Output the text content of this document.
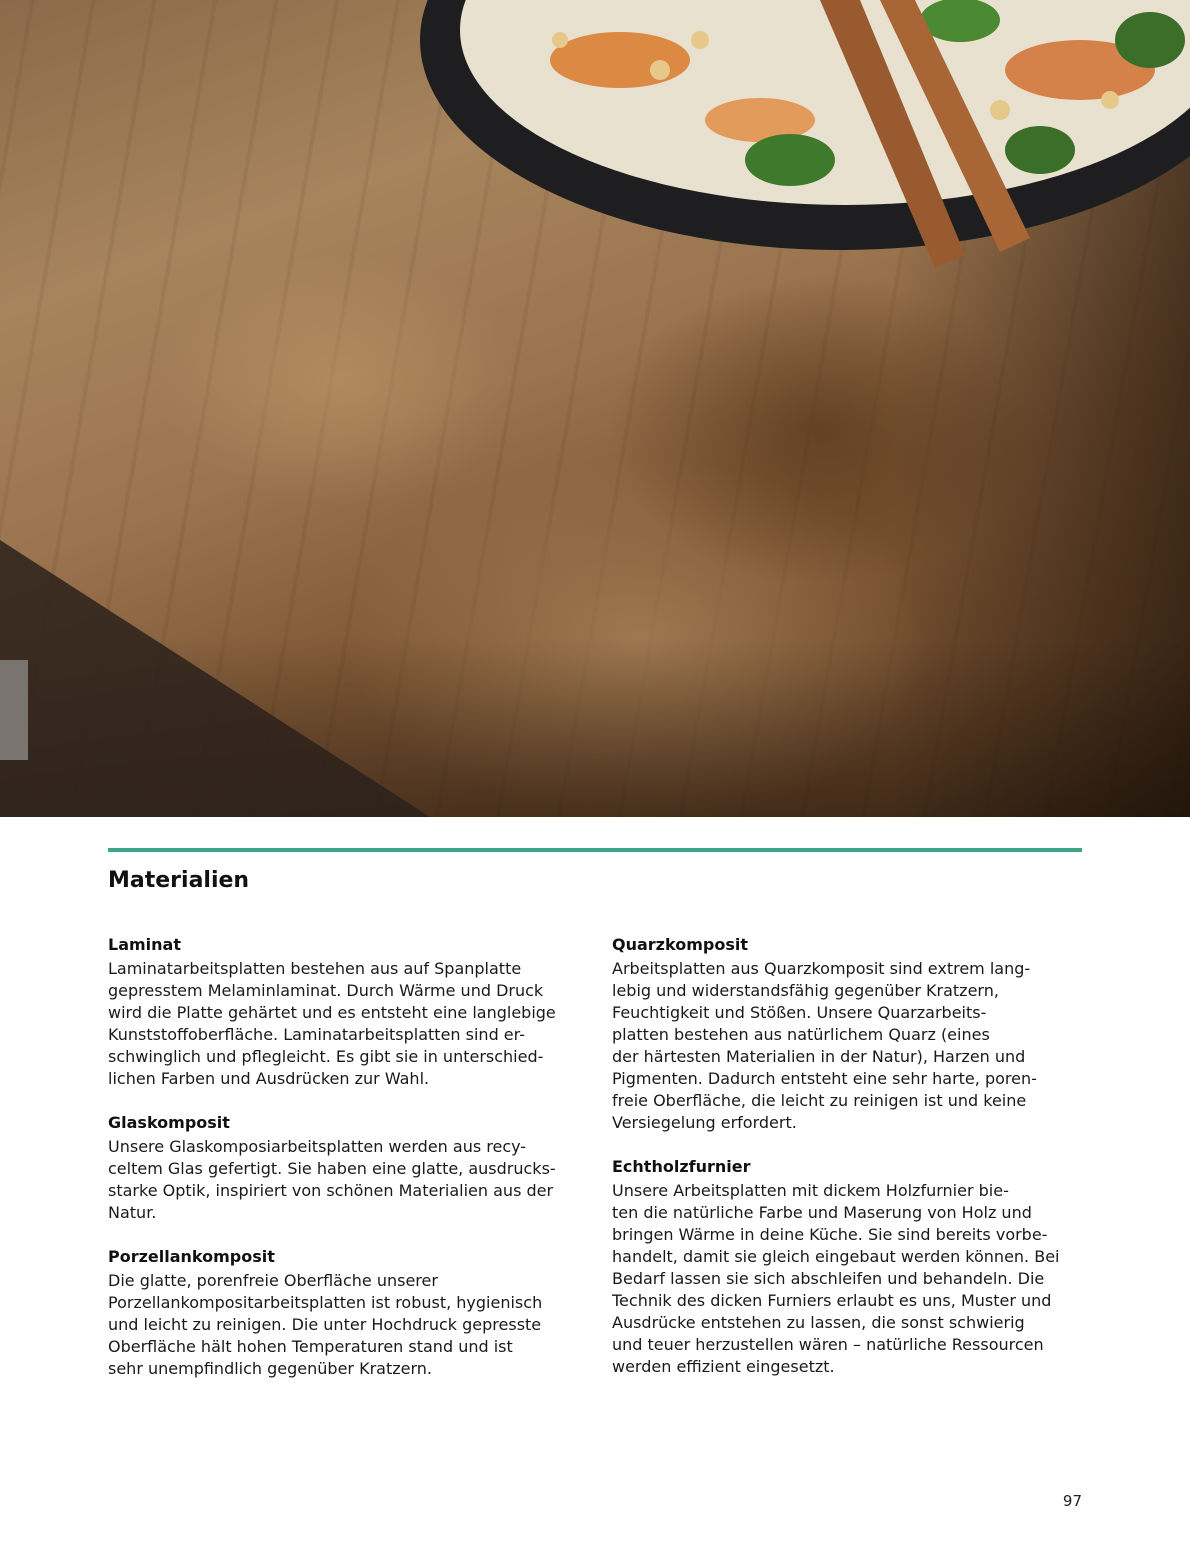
Materialien
Laminat

Laminatarbeitsplatten bestehen aus auf Spanplatte
gepresstem Melaminlaminat. Durch Wärme und Druck
wird die Platte gehärtet und es entsteht eine langlebige
Kunststoffoberfläche. Laminatarbeitsplatten sind er-
schwinglich und pflegleicht. Es gibt sie in unterschied-
lichen Farben und Ausdrücken zur Wahl.

Glaskomposit

Unsere Glaskomposiarbeitsplatten werden aus recy-
celtem Glas gefertigt. Sie haben eine glatte, ausdrucks-
starke Optik, inspiriert von schönen Materialien aus der
Natur.

Porzellankomposit

Die glatte, porenfreie Oberfläche unserer
Porzellankompositarbeitsplatten ist robust, hygienisch
und leicht zu reinigen. Die unter Hochdruck gepresste
Oberfläche hält hohen Temperaturen stand und ist
sehr unempfindlich gegenüber Kratzern.

Quarzkomposit

Arbeitsplatten aus Quarzkomposit sind extrem lang-
lebig und widerstandsfähig gegenüber Kratzern,
Feuchtigkeit und Stößen. Unsere Quarzarbeits-
platten bestehen aus natürlichem Quarz (eines
der härtesten Materialien in der Natur), Harzen und
Pigmenten. Dadurch entsteht eine sehr harte, poren-
freie Oberfläche, die leicht zu reinigen ist und keine
Versiegelung erfordert.

Echtholzfurnier

Unsere Arbeitsplatten mit dickem Holzfurnier bie-
ten die natürliche Farbe und Maserung von Holz und
bringen Wärme in deine Küche. Sie sind bereits vorbe-
handelt, damit sie gleich eingebaut werden können. Bei
Bedarf lassen sie sich abschleifen und behandeln. Die
Technik des dicken Furniers erlaubt es uns, Muster und
Ausdrücke entstehen zu lassen, die sonst schwierig
und teuer herzustellen wären – natürliche Ressourcen
werden effizient eingesetzt.

97
